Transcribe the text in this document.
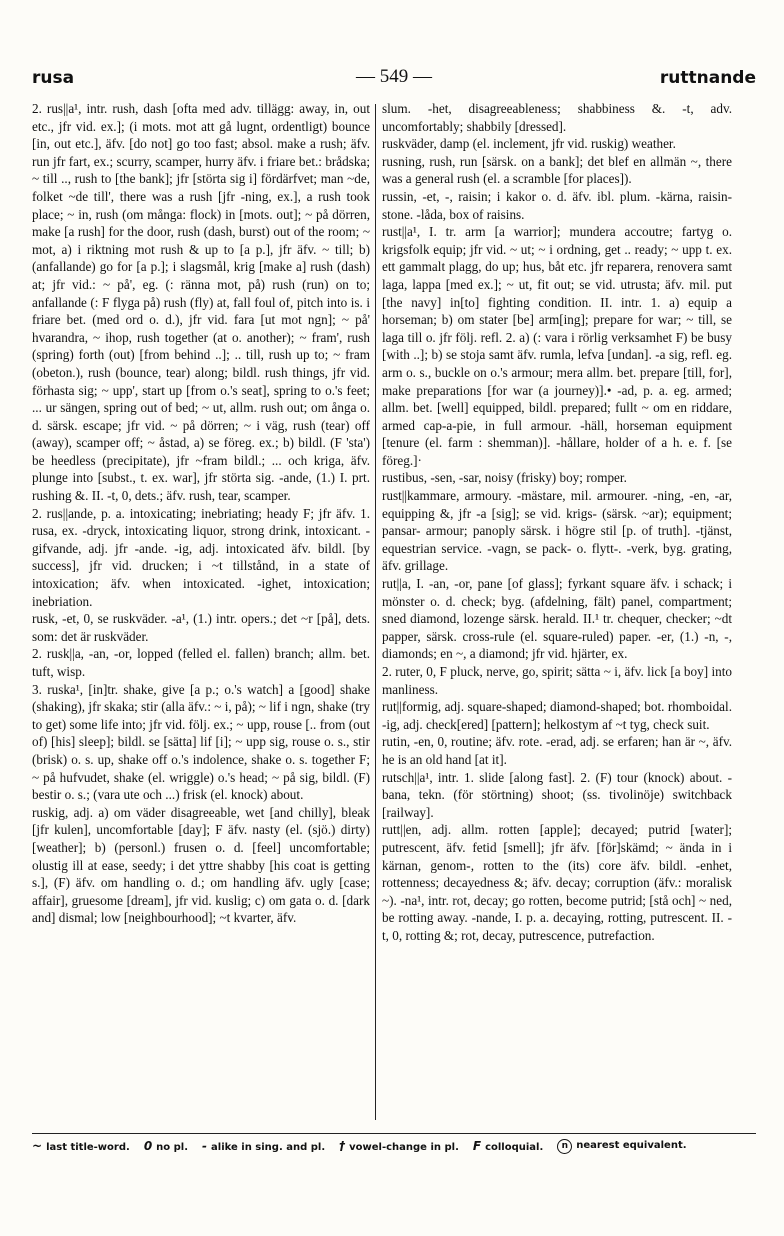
rusa	— 549 —	ruttnande

2. rus||a¹, intr. rush, dash [ofta med adv. tillägg: away, in, out etc., jfr vid. ex.]; (i mots. mot att gå lugnt, ordentligt) bounce [in, out etc.], äfv. [do not] go too fast; absol. make a rush; äfv. run jfr fart, ex.; scurry, scamper, hurry äfv. i friare bet.: brådska; ~ till .., rush to [the bank]; jfr [störta sig i] fördärfvet; man ~de, folket ~de till', there was a rush [jfr -ning, ex.], a rush took place; ~ in, rush (om många: flock) in [mots. out]; ~ på dörren, make [a rush] for the door, rush (dash, burst) out of the room; ~ mot, a) i riktning mot rush & up to [a p.], jfr äfv. ~ till; b) (anfallande) go for [a p.]; i slagsmål, krig [make a] rush (dash) at; jfr vid.: ~ på', eg. (: ränna mot, på) rush (run) on to; anfallande (: F flyga på) rush (fly) at, fall foul of, pitch into is. i friare bet. (med ord o. d.), jfr vid. fara [ut mot ngn]; ~ på' hvarandra, ~ ihop, rush together (at o. another); ~ fram', rush (spring) forth (out) [from behind ..]; .. till, rush up to; ~ fram (obeton.), rush (bounce, tear) along; bildl. rush things, jfr vid. förhasta sig; ~ upp', start up [from o.'s seat], spring to o.'s feet; ... ur sängen, spring out of bed; ~ ut, allm. rush out; om ånga o. d. särsk. escape; jfr vid. ~ på dörren; ~ i väg, rush (tear) off (away), scamper off; ~ åstad, a) se föreg. ex.; b) bildl. (F 'sta') be heedless (precipitate), jfr ~fram bildl.; ... och kriga, äfv. plunge into [subst., t. ex. war], jfr störta sig. -ande, (1.) I. prt. rushing &. II. -t, 0, dets.; äfv. rush, tear, scamper.

2. rus||ande, p. a. intoxicating; inebriating; heady F; jfr äfv. 1. rusa, ex. -dryck, intoxicating liquor, strong drink, intoxicant. -gifvande, adj. jfr -ande. -ig, adj. intoxicated äfv. bildl. [by success], jfr vid. drucken; i ~t tillstånd, in a state of intoxication; äfv. when intoxicated. -ighet, intoxication; inebriation.

rusk, -et, 0, se ruskväder. -a¹, (1.) intr. opers.; det ~r [på], dets. som: det är ruskväder.

2. rusk||a, -an, -or, lopped (felled el. fallen) branch; allm. bet. tuft, wisp.

3. ruska¹, [in]tr. shake, give [a p.; o.'s watch] a [good] shake (shaking), jfr skaka; stir (alla äfv.: ~ i, på); ~ lif i ngn, shake (try to get) some life into; jfr vid. följ. ex.; ~ upp, rouse [.. from (out of) [his] sleep]; bildl. se [sätta] lif [i]; ~ upp sig, rouse o. s., stir (brisk) o. s. up, shake off o.'s indolence, shake o. s. together F; ~ på hufvudet, shake (el. wriggle) o.'s head; ~ på sig, bildl. (F) bestir o. s.; (vara ute och ...) frisk (el. knock) about.

ruskig, adj. a) om väder disagreeable, wet [and chilly], bleak [jfr kulen], uncomfortable [day]; F äfv. nasty (el. (sjö.) dirty) [weather]; b) (personl.) frusen o. d. [feel] uncomfortable; olustig ill at ease, seedy; i det yttre shabby [his coat is getting s.], (F) äfv. om handling o. d.; om handling äfv. ugly [case; affair], gruesome [dream], jfr vid. kuslig; c) om gata o. d. [dark and] dismal; low [neighbourhood]; ~t kvarter, äfv.

slum. -het, disagreeableness; shabbiness &. -t, adv. uncomfortably; shabbily [dressed].

ruskväder, damp (el. inclement, jfr vid. ruskig) weather.

rusning, rush, run [särsk. on a bank]; det blef en allmän ~, there was a general rush (el. a scramble [for places]).

russin, -et, -, raisin; i kakor o. d. äfv. ibl. plum. -kärna, raisin-stone. -låda, box of raisins.

rust||a¹, I. tr. arm [a warrior]; mundera accoutre; fartyg o. krigsfolk equip; jfr vid. ~ ut; ~ i ordning, get .. ready; ~ upp t. ex. ett gammalt plagg, do up; hus, båt etc. jfr reparera, renovera samt laga, lappa [med ex.]; ~ ut, fit out; se vid. utrusta; äfv. mil. put [the navy] in[to] fighting condition. II. intr. 1. a) equip a horseman; b) om stater [be] arm[ing]; prepare for war; ~ till, se laga till o. jfr följ. refl. 2. a) (: vara i rörlig verksamhet F) be busy [with ..]; b) se stoja samt äfv. rumla, lefva [undan]. -a sig, refl. eg. arm o. s., buckle on o.'s armour; mera allm. bet. prepare [till, for], make preparations [for war (a journey)].• -ad, p. a. eg. armed; allm. bet. [well] equipped, bildl. prepared; fullt ~ om en riddare, armed cap-a-pie, in full armour. -häll, horseman equipment [tenure (el. farm : shemman)]. -hållare, holder of a h. e. f. [se föreg.]·

rustibus, -sen, -sar, noisy (frisky) boy; romper.

rust||kammare, armoury. -mästare, mil. armourer. -ning, -en, -ar, equipping &, jfr -a [sig]; se vid. krigs- (särsk. ~ar); equipment; pansar- armour; panoply särsk. i högre stil [p. of truth]. -tjänst, equestrian service. -vagn, se pack- o. flytt-. -verk, byg. grating, äfv. grillage.

rut||a, I. -an, -or, pane [of glass]; fyrkant square äfv. i schack; i mönster o. d. check; byg. (afdelning, fält) panel, compartment; sned diamond, lozenge särsk. herald. II.¹ tr. chequer, checker; ~dt papper, särsk. cross-rule (el. square-ruled) paper. -er, (1.) -n, -, diamonds; en ~, a diamond; jfr vid. hjärter, ex.

2. ruter, 0, F pluck, nerve, go, spirit; sätta ~ i, äfv. lick [a boy] into manliness.

rut||formig, adj. square-shaped; diamond-shaped; bot. rhomboidal. -ig, adj. check[ered] [pattern]; helkostym af ~t tyg, check suit.

rutin, -en, 0, routine; äfv. rote. -erad, adj. se erfaren; han är ~, äfv. he is an old hand [at it].

rutsch||a¹, intr. 1. slide [along fast]. 2. (F) tour (knock) about. -bana, tekn. (för störtning) shoot; (ss. tivolinöje) switchback [railway].

rutt||en, adj. allm. rotten [apple]; decayed; putrid [water]; putrescent, äfv. fetid [smell]; jfr äfv. [för]skämd; ~ ända in i kärnan, genom-, rotten to the (its) core äfv. bildl. -enhet, rottenness; decayedness &; äfv. decay; corruption (äfv.: moralisk ~). -na¹, intr. rot, decay; go rotten, become putrid; [stå och] ~ ned, be rotting away. -nande, I. p. a. decaying, rotting, putrescent. II. -t, 0, rotting &; rot, decay, putrescence, putrefaction.

~ last title-word. 0 no pl. - alike in sing. and pl. † vowel-change in pl. F colloquial.	n nearest equivalent.
